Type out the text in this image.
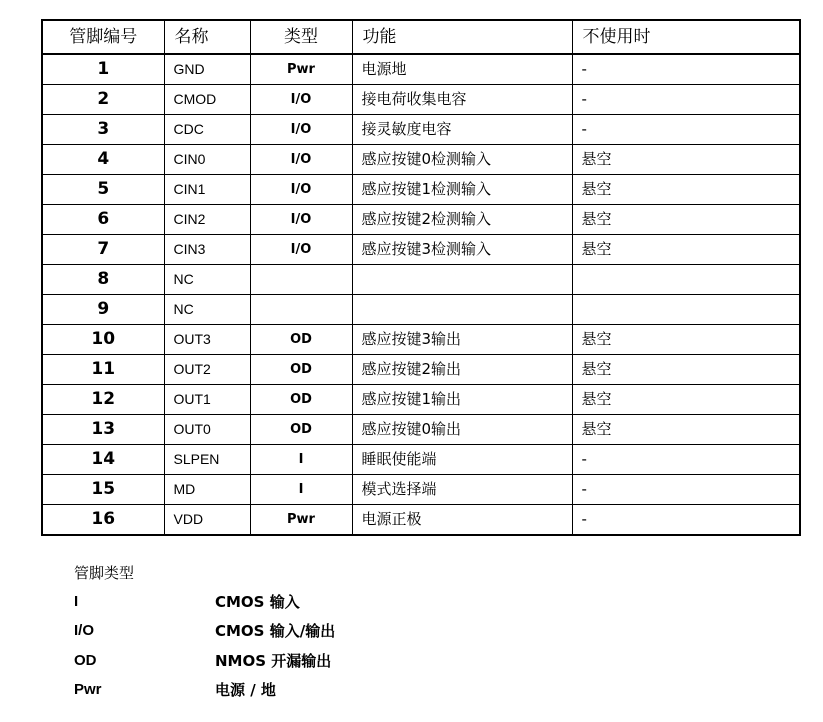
管脚编号	名称	类型	功能	不使用时
1	GND	Pwr	电源地	-
2	CMOD	I/O	接电荷收集电容	-
3	CDC	I/O	接灵敏度电容	-
4	CIN0	I/O	感应按键0检测输入	悬空
5	CIN1	I/O	感应按键1检测输入	悬空
6	CIN2	I/O	感应按键2检测输入	悬空
7	CIN3	I/O	感应按键3检测输入	悬空
8	NC			
9	NC			
10	OUT3	OD	感应按键3输出	悬空
11	OUT2	OD	感应按键2输出	悬空
12	OUT1	OD	感应按键1输出	悬空
13	OUT0	OD	感应按键0输出	悬空
14	SLPEN	I	睡眠使能端	-
15	MD	I	模式选择端	-
16	VDD	Pwr	电源正极	-
管脚类型
I	CMOS 输入
I/O	CMOS 输入/输出
OD	NMOS 开漏输出
Pwr	电源 / 地
